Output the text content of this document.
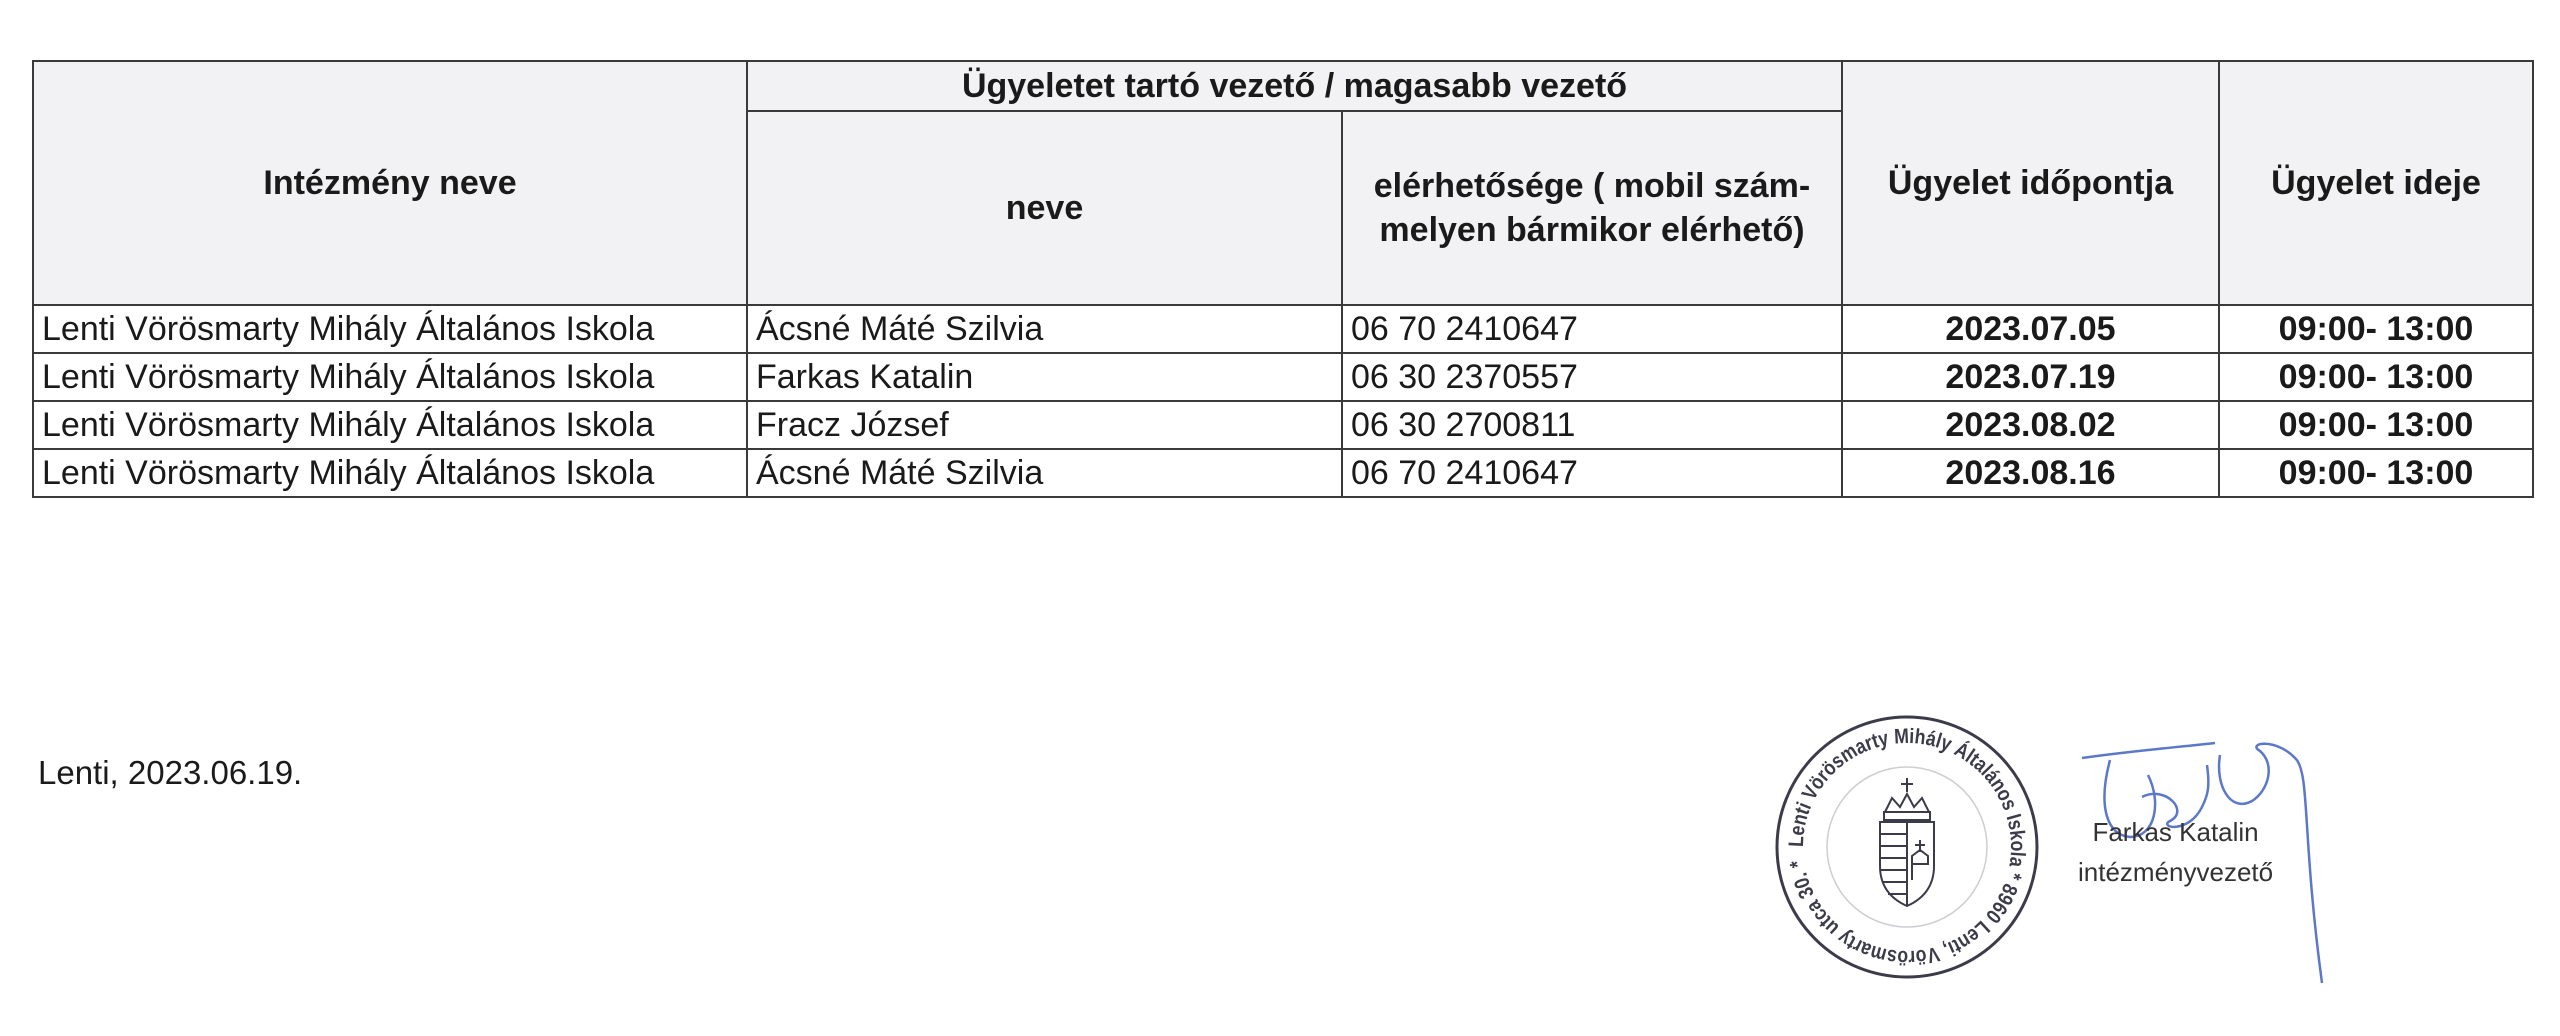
Intézmény neve	Ügyeletet tartó vezető / magasabb vezető		Ügyelet időpontja	Ügyelet ideje
	neve	elérhetősége ( mobil szám-
melyen bármikor elérhető)		

Lenti Vörösmarty Mihály Általános Iskola	Ácsné Máté Szilvia	06 70 2410647	2023.07.05	09:00- 13:00
Lenti Vörösmarty Mihály Általános Iskola	Farkas Katalin	06 30 2370557	2023.07.19	09:00- 13:00
Lenti Vörösmarty Mihály Általános Iskola	Fracz József	06 30 2700811	2023.08.02	09:00- 13:00
Lenti Vörösmarty Mihály Általános Iskola	Ácsné Máté Szilvia	06 70 2410647	2023.08.16	09:00- 13:00
Lenti, 2023.06.19.
Lenti Vörösmarty Mihály Általános Iskola * 8960 Lenti, Vörösmarty utca 30. *
Farkas Katalin
intézményvezető
